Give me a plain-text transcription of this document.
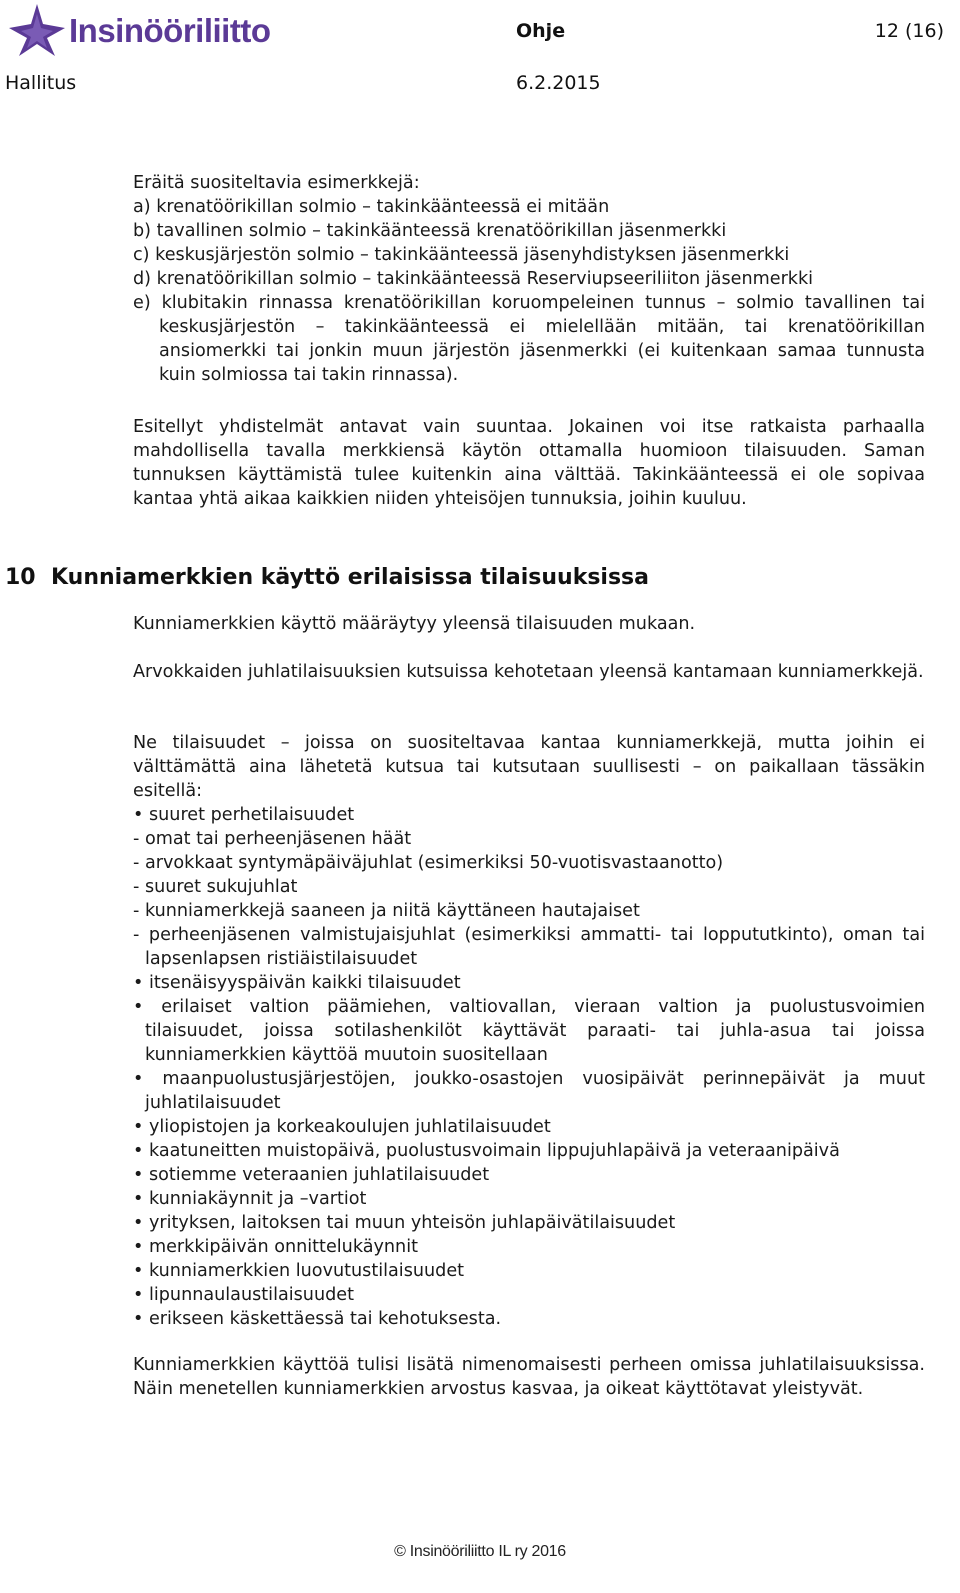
Insinööriliitto	Ohje	12 (16)
Hallitus	6.2.2015

Eräitä suositeltavia esimerkkejä:

a) krenatöörikillan solmio – takinkäänteessä ei mitään

b) tavallinen solmio – takinkäänteessä krenatöörikillan jäsenmerkki

c) keskusjärjestön solmio – takinkäänteessä jäsenyhdistyksen jäsenmerkki

d) krenatöörikillan solmio – takinkäänteessä Reserviupseeriliiton jäsenmerkki

e) klubitakin rinnassa krenatöörikillan koruompeleinen tunnus – solmio tavallinen tai keskusjärjestön – takinkäänteessä ei mielellään mitään, tai krenatöörikillan ansiomerkki tai jonkin muun järjestön jäsenmerkki (ei kuitenkaan samaa tunnusta kuin solmiossa tai takin rinnassa).

Esitellyt yhdistelmät antavat vain suuntaa. Jokainen voi itse ratkaista parhaalla mahdollisella tavalla merkkiensä käytön ottamalla huomioon tilaisuuden. Saman tunnuksen käyttämistä tulee kuitenkin aina välttää. Takinkäänteessä ei ole sopivaa kantaa yhtä aikaa kaikkien niiden yhteisöjen tunnuksia, joihin kuuluu.
10 Kunniamerkkien käyttö erilaisissa tilaisuuksissa
Kunniamerkkien käyttö määräytyy yleensä tilaisuuden mukaan.
Arvokkaiden juhlatilaisuuksien kutsuissa kehotetaan yleensä kantamaan kunniamerkkejä.

Ne tilaisuudet – joissa on suositeltavaa kantaa kunniamerkkejä, mutta joihin ei välttämättä aina lähetetä kutsua tai kutsutaan suullisesti – on paikallaan tässäkin esitellä:

• suuret perhetilaisuudet

- omat tai perheenjäsenen häät

- arvokkaat syntymäpäiväjuhlat (esimerkiksi 50-vuotisvastaanotto)

- suuret sukujuhlat

- kunniamerkkejä saaneen ja niitä käyttäneen hautajaiset

- perheenjäsenen valmistujaisjuhlat (esimerkiksi ammatti- tai loppututkinto), oman tai lapsenlapsen ristiäistilaisuudet

• itsenäisyyspäivän kaikki tilaisuudet

• erilaiset valtion päämiehen, valtiovallan, vieraan valtion ja puolustusvoimien tilaisuudet, joissa sotilashenkilöt käyttävät paraati- tai juhla-asua tai joissa kunniamerkkien käyttöä muutoin suositellaan

• maanpuolustusjärjestöjen, joukko-osastojen vuosipäivät perinnepäivät ja muut juhlatilaisuudet

• yliopistojen ja korkeakoulujen juhlatilaisuudet

• kaatuneitten muistopäivä, puolustusvoimain lippujuhlapäivä ja veteraanipäivä

• sotiemme veteraanien juhlatilaisuudet

• kunniakäynnit ja –vartiot

• yrityksen, laitoksen tai muun yhteisön juhlapäivätilaisuudet

• merkkipäivän onnittelukäynnit

• kunniamerkkien luovutustilaisuudet

• lipunnaulaustilaisuudet

• erikseen käskettäessä tai kehotuksesta.

Kunniamerkkien käyttöä tulisi lisätä nimenomaisesti perheen omissa juhlatilaisuuksissa. Näin menetellen kunniamerkkien arvostus kasvaa, ja oikeat käyttötavat yleistyvät.
© Insinööriliitto IL ry 2016
